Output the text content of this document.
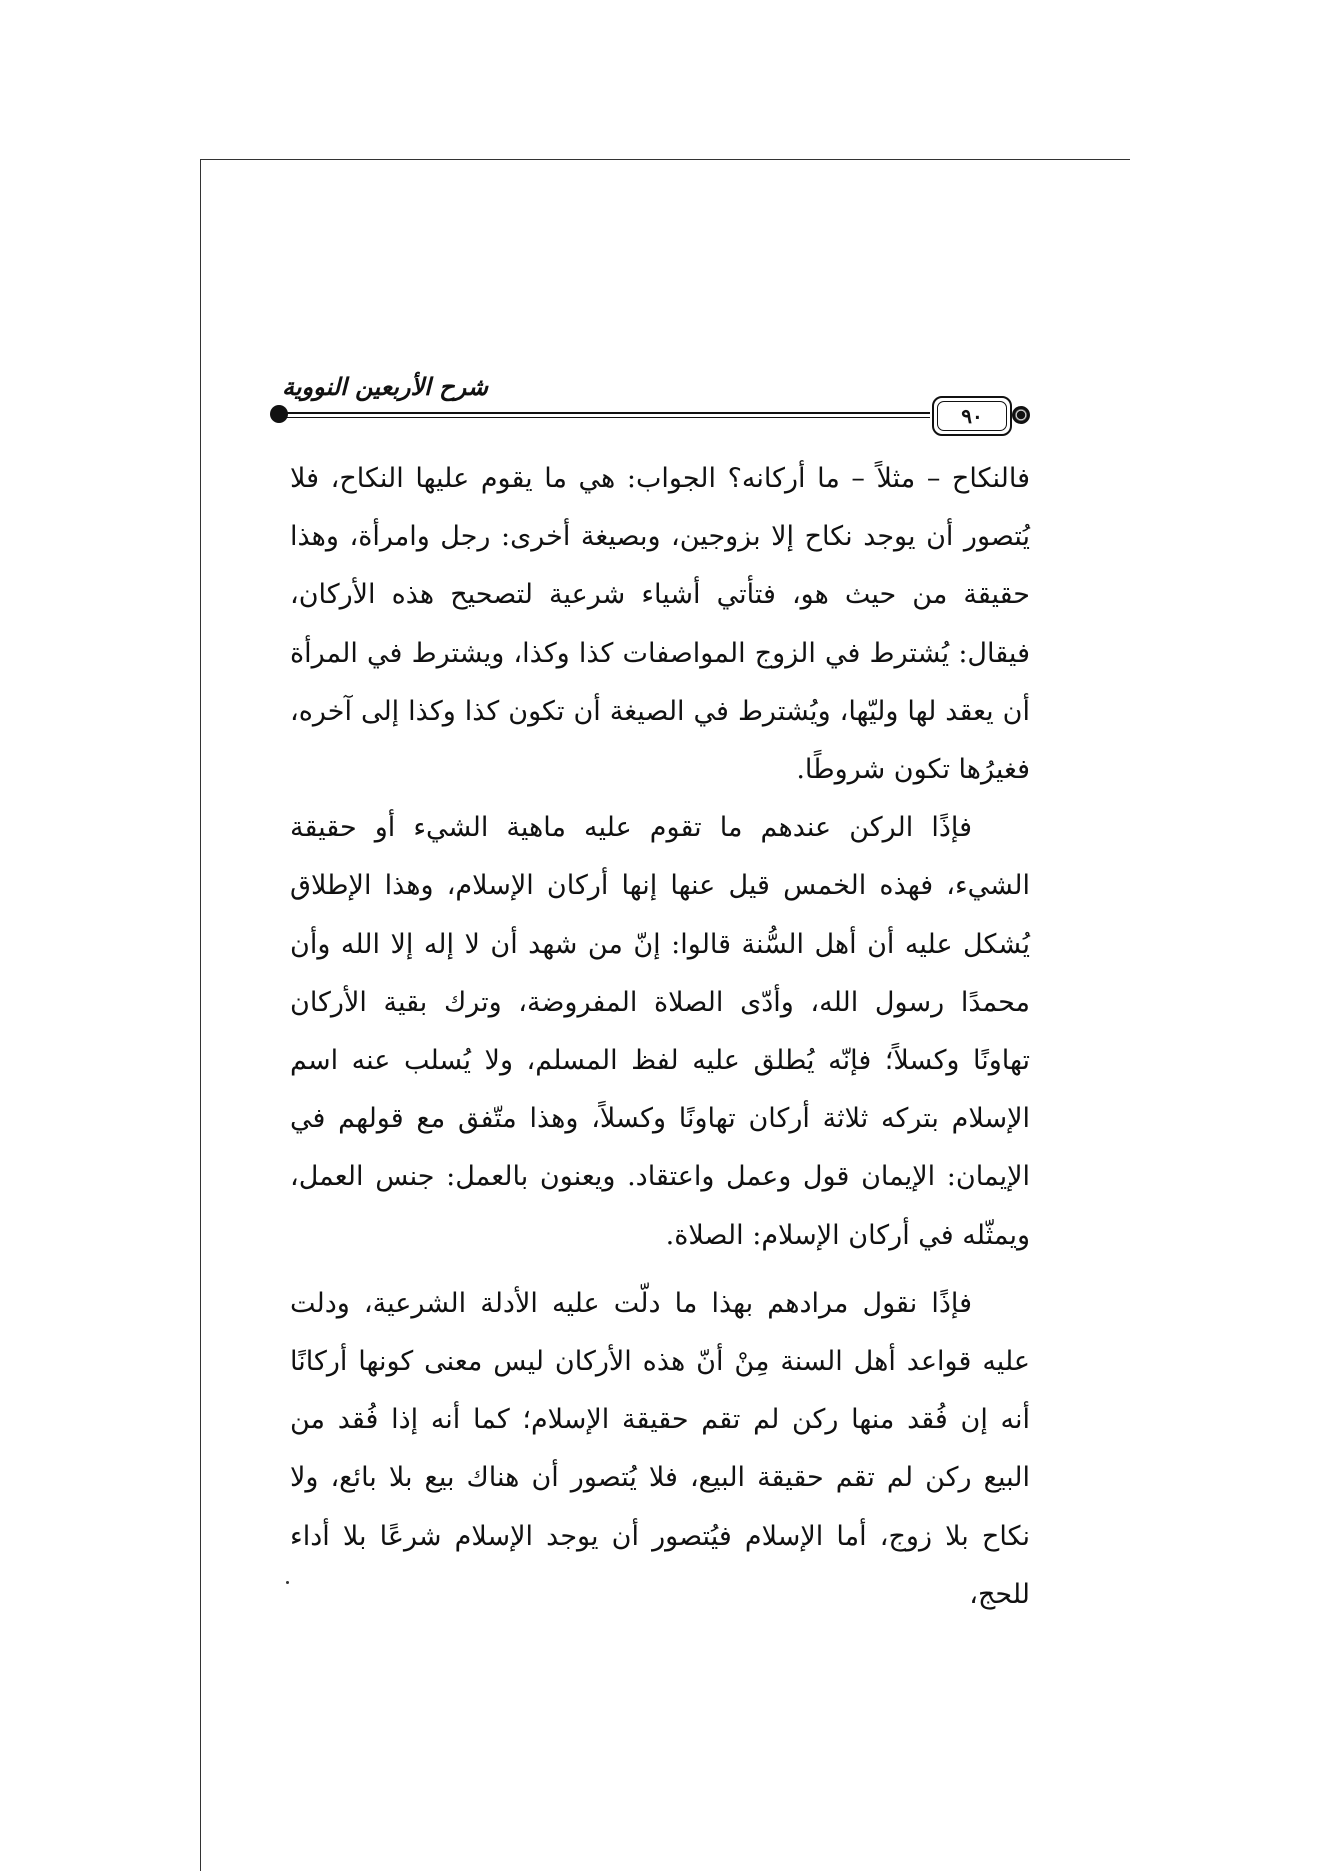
شرح الأربعين النووية
٩٠

فالنكاح – مثلاً – ما أركانه؟ الجواب: هي ما يقوم عليها النكاح، فلا يُتصور أن يوجد نكاح إلا بزوجين، وبصيغة أخرى: رجل وامرأة، وهذا حقيقة من حيث هو، فتأتي أشياء شرعية لتصحيح هذه الأركان، فيقال: يُشترط في الزوج المواصفات كذا وكذا، ويشترط في المرأة أن يعقد لها وليّها، ويُشترط في الصيغة أن تكون كذا وكذا إلى آخره، فغيرُها تكون شروطًا.

فإذًا الركن عندهم ما تقوم عليه ماهية الشيء أو حقيقة الشيء، فهذه الخمس قيل عنها إنها أركان الإسلام، وهذا الإطلاق يُشكل عليه أن أهل السُّنة قالوا: إنّ من شهد أن لا إله إلا الله وأن محمدًا رسول الله، وأدّى الصلاة المفروضة، وترك بقية الأركان تهاونًا وكسلاً؛ فإنّه يُطلق عليه لفظ المسلم، ولا يُسلب عنه اسم الإسلام بتركه ثلاثة أركان تهاونًا وكسلاً، وهذا متّفق مع قولهم في الإيمان: الإيمان قول وعمل واعتقاد. ويعنون بالعمل: جنس العمل، ويمثّله في أركان الإسلام: الصلاة.

فإذًا نقول مرادهم بهذا ما دلّت عليه الأدلة الشرعية، ودلت عليه قواعد أهل السنة مِنْ أنّ هذه الأركان ليس معنى كونها أركانًا أنه إن فُقد منها ركن لم تقم حقيقة الإسلام؛ كما أنه إذا فُقد من البيع ركن لم تقم حقيقة البيع، فلا يُتصور أن هناك بيع بلا بائع، ولا نكاح بلا زوج، أما الإسلام فيُتصور أن يوجد الإسلام شرعًا بلا أداء للحج،
